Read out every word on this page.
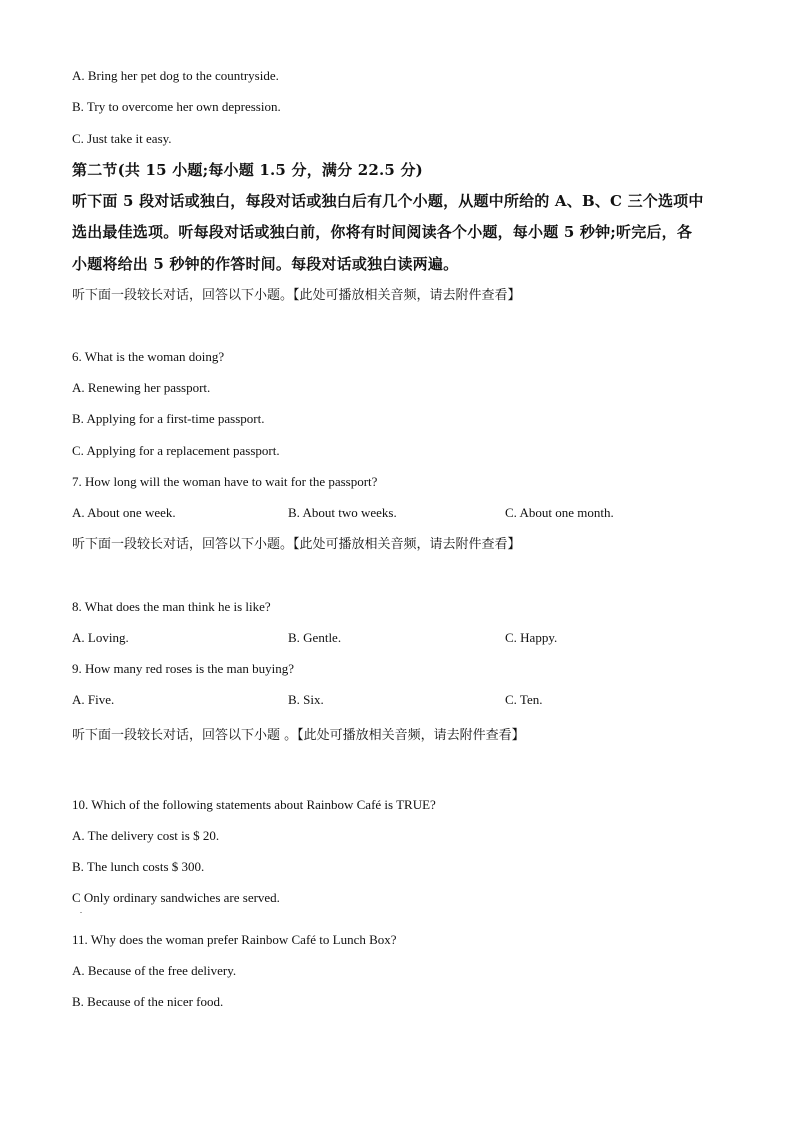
A. Bring her pet dog to the countryside.
B. Try to overcome her own depression.
C. Just take it easy.
第二节(共 15 小题;每小题 1.5 分，满分 22.5 分)
听下面 5 段对话或独白，每段对话或独白后有几个小题，从题中所给的 A、B、C 三个选项中
选出最佳选项。听每段对话或独白前，你将有时间阅读各个小题，每小题 5 秒钟;听完后，各
小题将给出 5 秒钟的作答时间。每段对话或独白读两遍。
听下面一段较长对话，回答以下小题。【此处可播放相关音频，请去附件查看】
6. What is the woman doing?
A. Renewing her passport.
B. Applying for a first-time passport.
C. Applying for a replacement passport.
7. How long will the woman have to wait for the passport?
A. About one week.	B. About two weeks.	C. About one month.
听下面一段较长对话，回答以下小题。【此处可播放相关音频，请去附件查看】
8. What does the man think he is like?
A. Loving.	B. Gentle.	C. Happy.
9. How many red roses is the man buying?
A. Five.	B. Six.	C. Ten.
听下面一段较长对话，回答以下小题 。【此处可播放相关音频，请去附件查看】
10. Which of the following statements about Rainbow Café is TRUE?
A. The delivery cost is $ 20.
B. The lunch costs $ 300.
C Only ordinary sandwiches are served.
.
11. Why does the woman prefer Rainbow Café to Lunch Box?
A. Because of the free delivery.
B. Because of the nicer food.
